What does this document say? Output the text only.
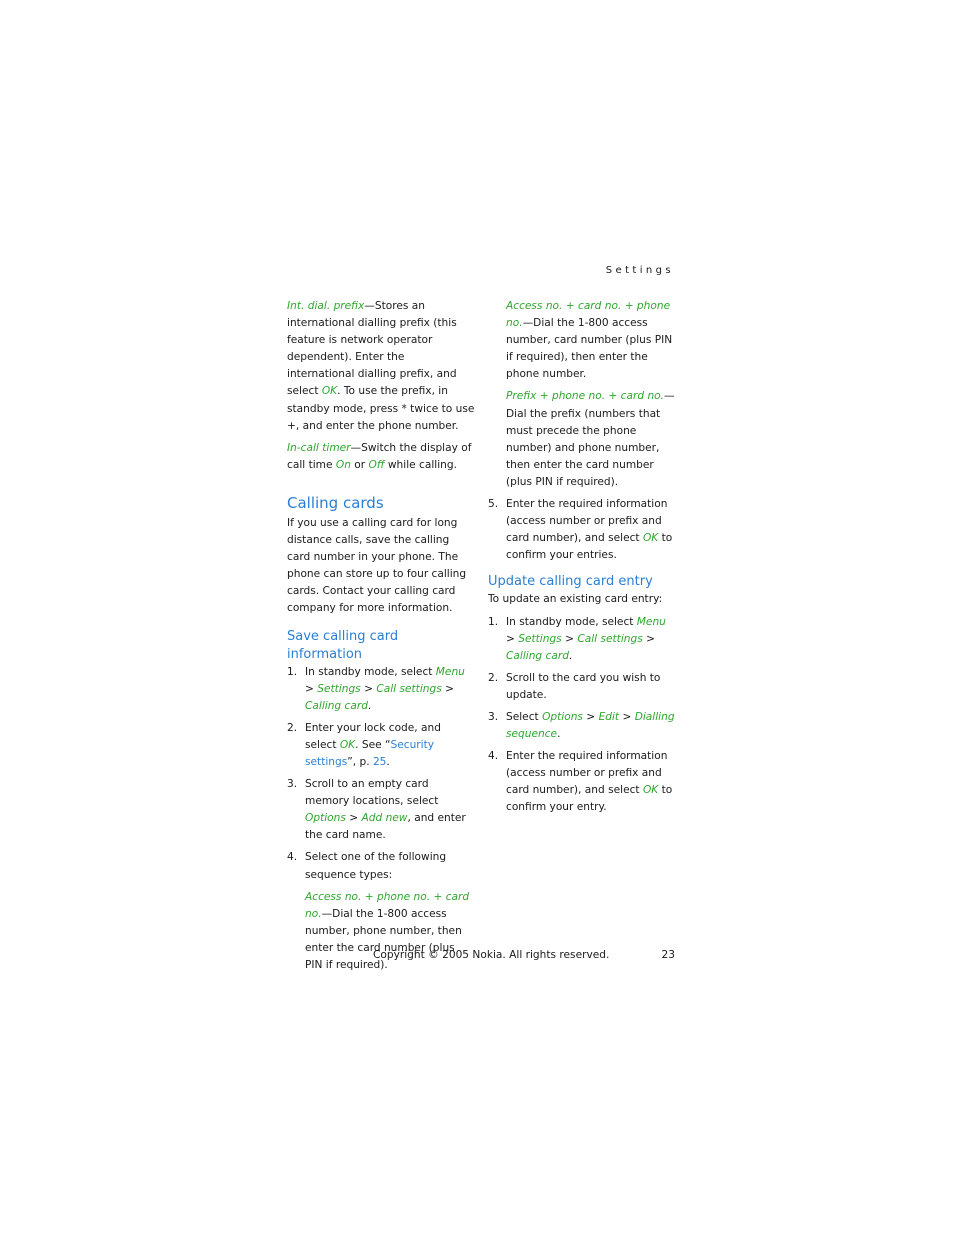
Settings

Int. dial. prefix—Stores an international dialling prefix (this feature is network operator dependent). Enter the international dialling prefix, and select OK. To use the prefix, in standby mode, press * twice to use +, and enter the phone number.

In-call timer—Switch the display of call time On or Off while calling.

Calling cards

If you use a calling card for long distance calls, save the calling card number in your phone. The phone can store up to four calling cards. Contact your calling card company for more information.

Save calling card information
1. In standby mode, select Menu > Settings > Call settings > Calling card.
2. Enter your lock code, and select OK. See “Security settings”, p. 25.
3. Scroll to an empty card memory locations, select Options > Add new, and enter the card name.
4. Select one of the following sequence types:

Access no. + phone no. + card no.—Dial the 1-800 access number, phone number, then enter the card number (plus PIN if required).

Access no. + card no. + phone no.—Dial the 1-800 access number, card number (plus PIN if required), then enter the phone number.

Prefix + phone no. + card no.—Dial the prefix (numbers that must precede the phone number) and phone number, then enter the card number (plus PIN if required).

5. Enter the required information (access number or prefix and card number), and select OK to confirm your entries.
Update calling card entry

To update an existing card entry:

1. In standby mode, select Menu > Settings > Call settings > Calling card.
2. Scroll to the card you wish to update.
3. Select Options > Edit > Dialling sequence.
4. Enter the required information (access number or prefix and card number), and select OK to confirm your entry.
Copyright © 2005 Nokia. All rights reserved.	23
